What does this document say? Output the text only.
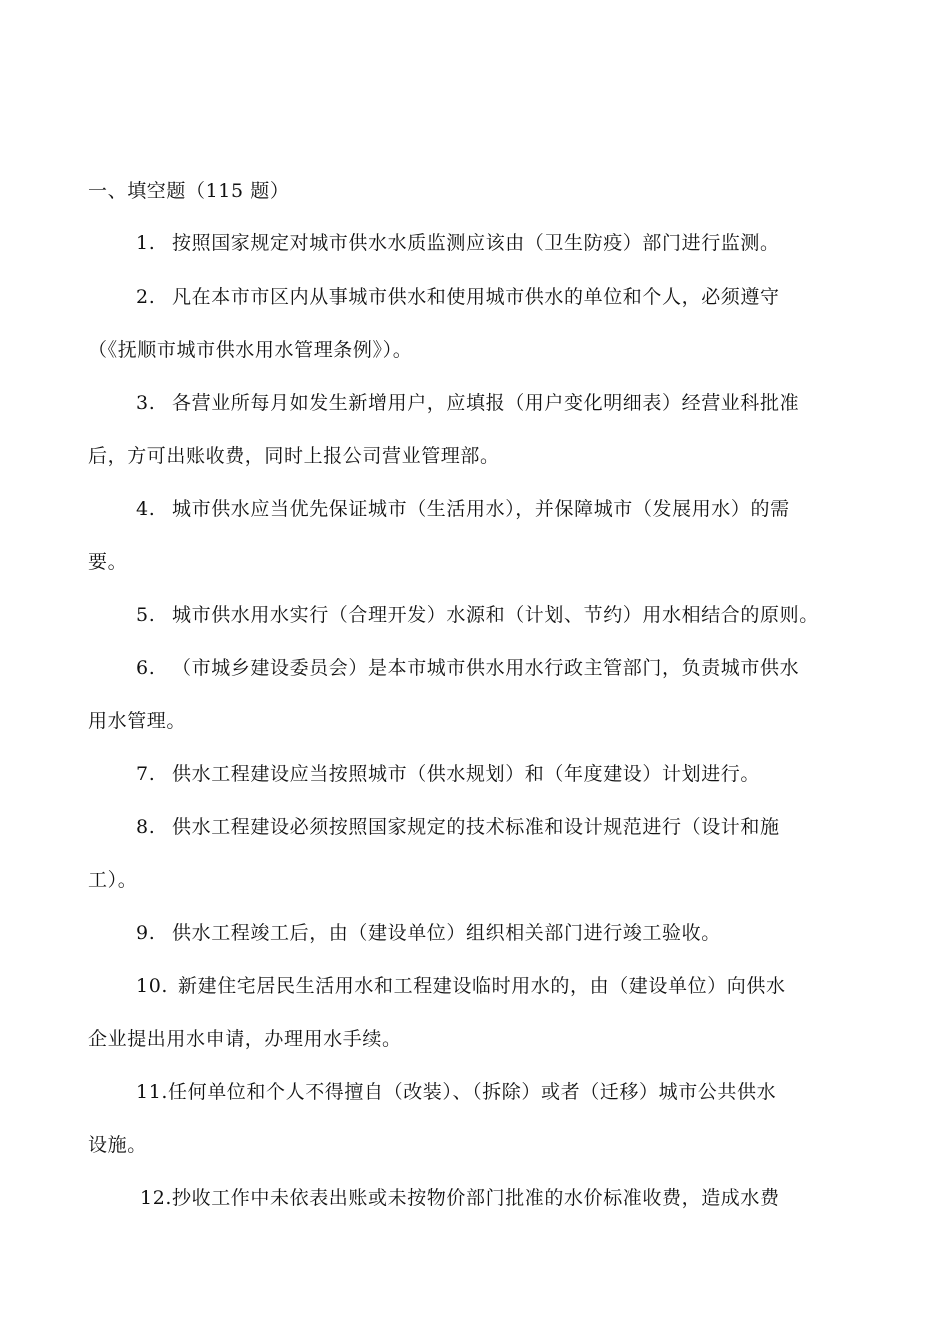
一、填空题（115 题）
1. 按照国家规定对城市供水水质监测应该由（卫生防疫）部门进行监测。
2. 凡在本市市区内从事城市供水和使用城市供水的单位和个人，必须遵守
（《抚顺市城市供水用水管理条例》）。
3. 各营业所每月如发生新增用户，应填报（用户变化明细表）经营业科批准
后，方可出账收费，同时上报公司营业管理部。
4. 城市供水应当优先保证城市（生活用水），并保障城市（发展用水）的需
要。
5. 城市供水用水实行（合理开发）水源和（计划、节约）用水相结合的原则。
6. （市城乡建设委员会）是本市城市供水用水行政主管部门，负责城市供水
用水管理。
7. 供水工程建设应当按照城市（供水规划）和（年度建设）计划进行。
8. 供水工程建设必须按照国家规定的技术标准和设计规范进行（设计和施
工）。
9. 供水工程竣工后，由（建设单位）组织相关部门进行竣工验收。
10. 新建住宅居民生活用水和工程建设临时用水的，由（建设单位）向供水
企业提出用水申请，办理用水手续。
11.任何单位和个人不得擅自（改装）、（拆除）或者（迁移）城市公共供水
设施。
12.抄收工作中未依表出账或未按物价部门批准的水价标准收费，造成水费
